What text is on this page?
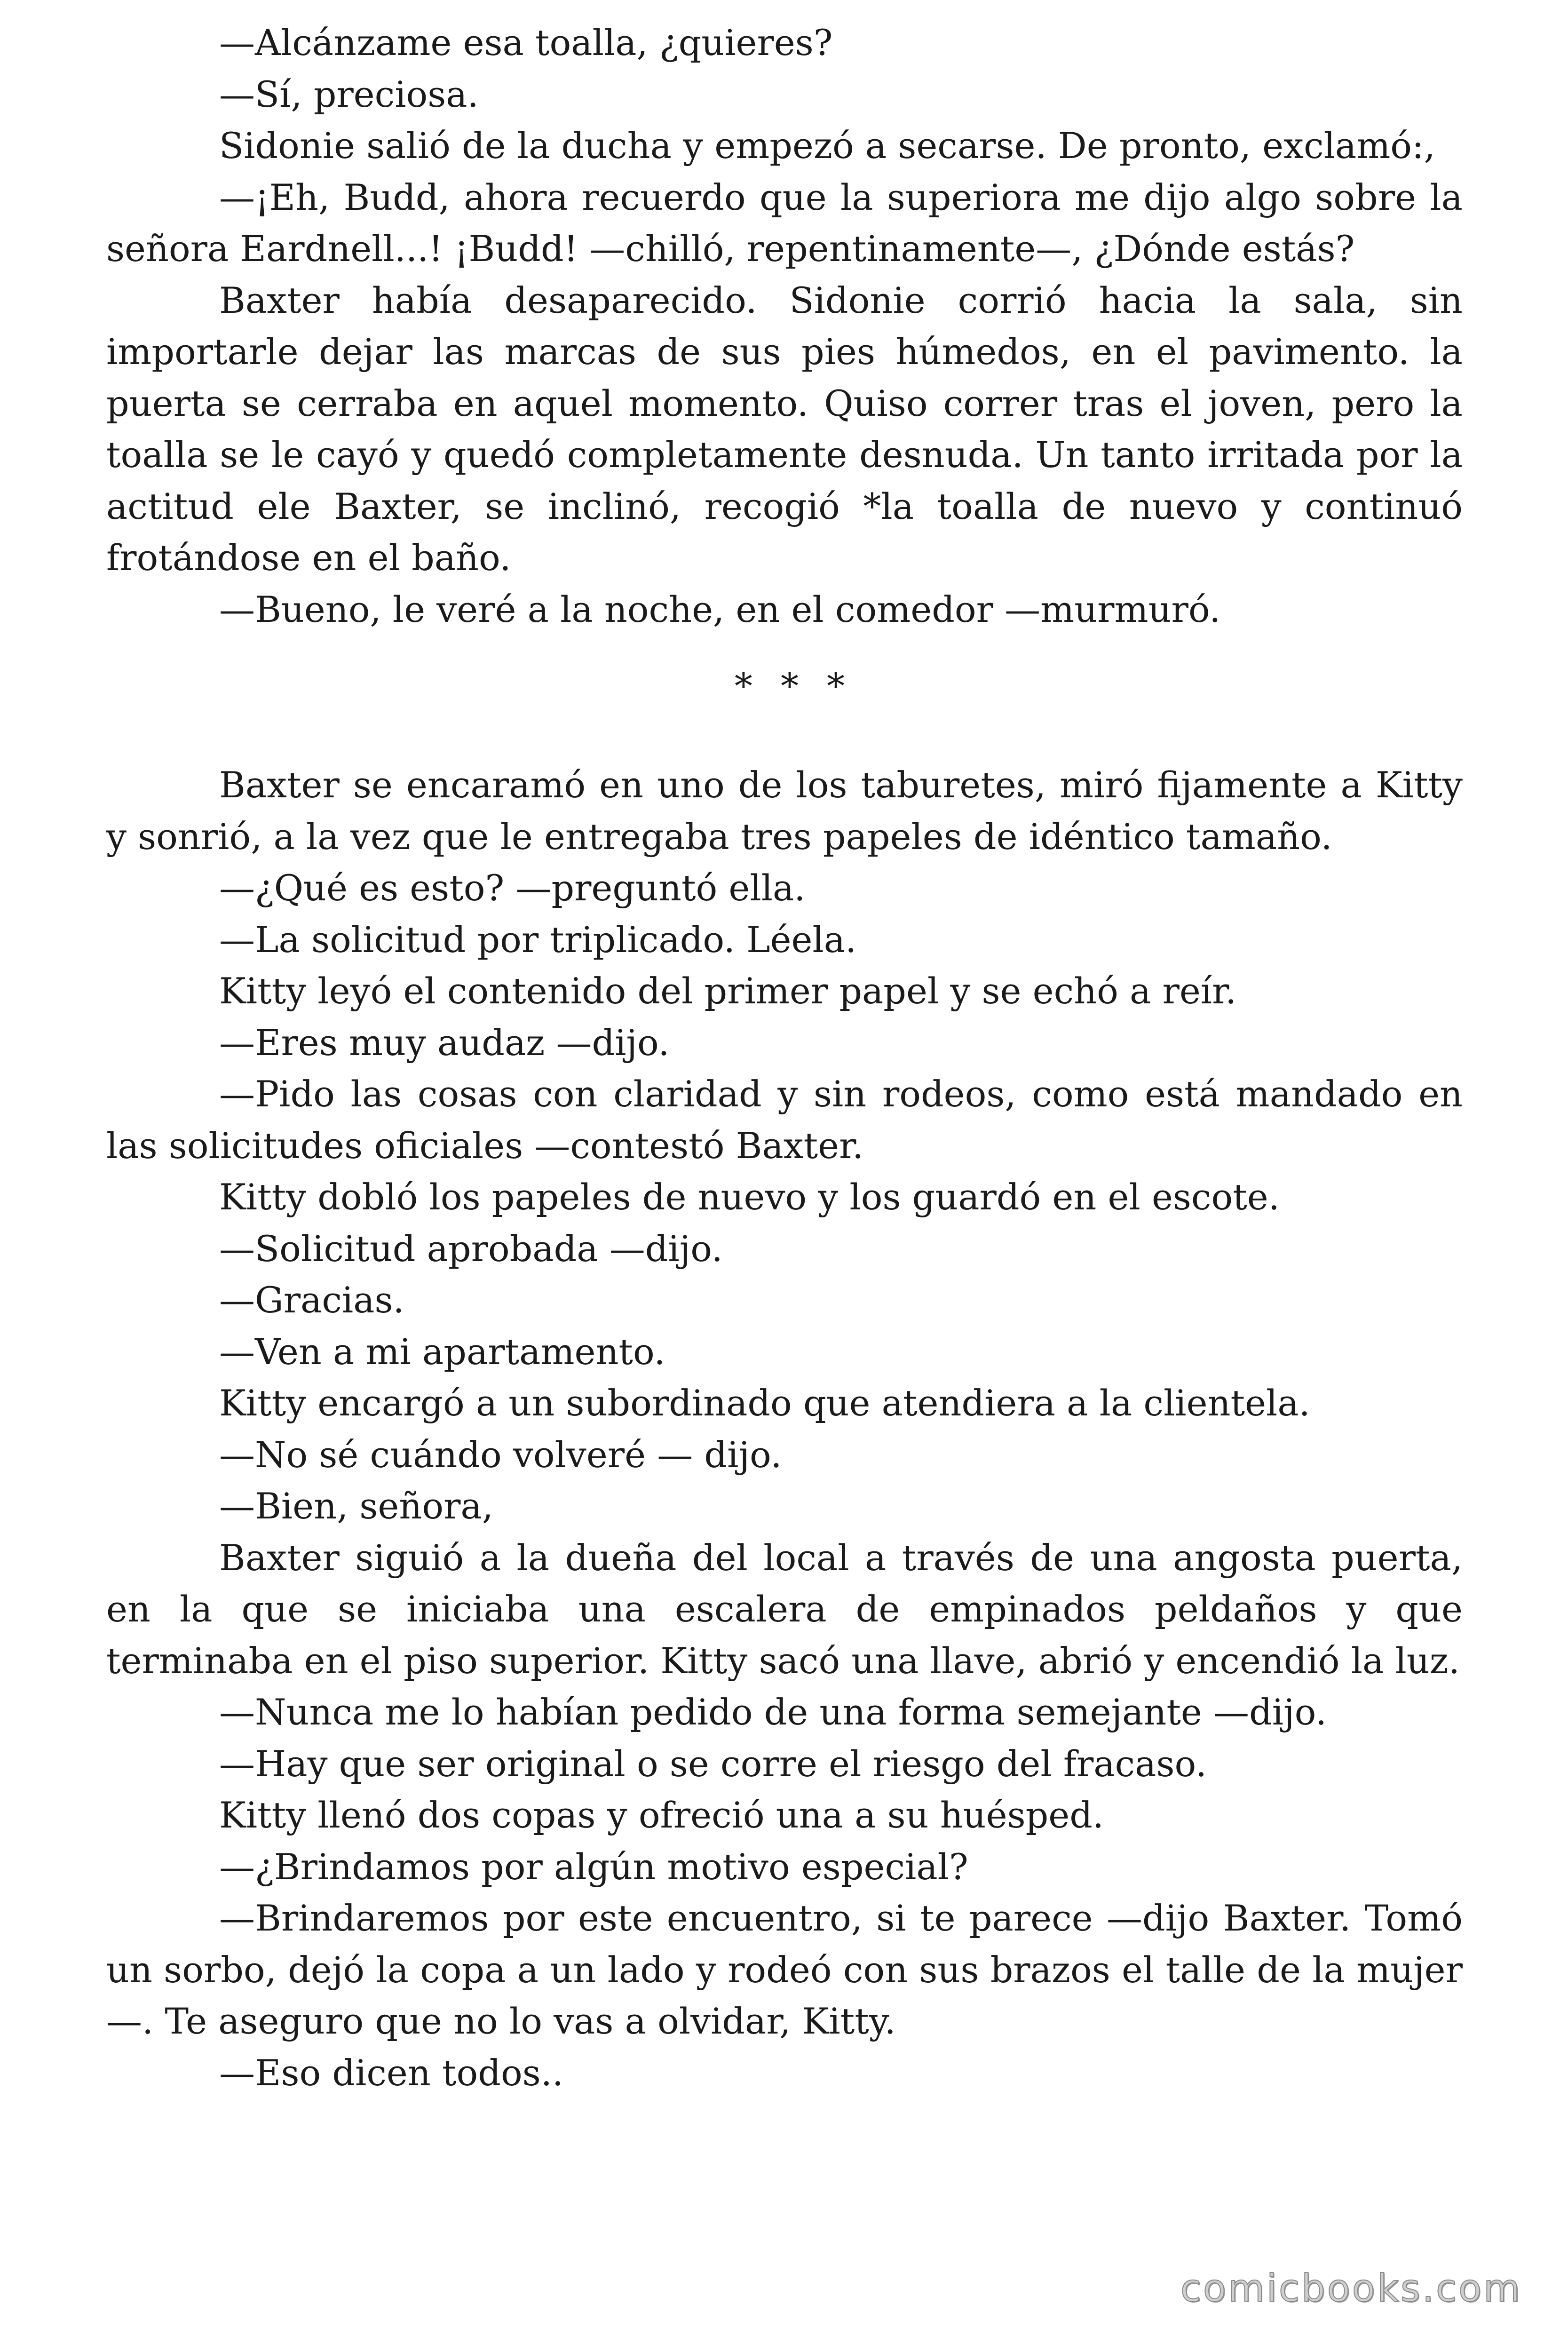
—Alcánzame esa toalla, ¿quieres?

—Sí, preciosa.

Sidonie salió de la ducha y empezó a secarse. De pronto, exclamó:,

—¡Eh, Budd, ahora recuerdo que la superiora me dijo algo sobre la señora Eardnell...! ¡Budd! —chilló, repentinamente—, ¿Dónde estás?

Baxter había desaparecido. Sidonie corrió hacia la sala, sin importarle dejar las marcas de sus pies húmedos, en el pavimento. la puerta se cerraba en aquel momento. Quiso correr tras el joven, pero la toalla se le cayó y quedó completamente desnuda. Un tanto irritada por la actitud ele Baxter, se inclinó, recogió *la toalla de nuevo y continuó frotándose en el baño.

—Bueno, le veré a la noche, en el comedor —murmuró.

* * *

Baxter se encaramó en uno de los taburetes, miró fijamente a Kitty y sonrió, a la vez que le entregaba tres papeles de idéntico tamaño.

—¿Qué es esto? —preguntó ella.

—La solicitud por triplicado. Léela.

Kitty leyó el contenido del primer papel y se echó a reír.

—Eres muy audaz —dijo.

—Pido las cosas con claridad y sin rodeos, como está mandado en las solicitudes oficiales —contestó Baxter.

Kitty dobló los papeles de nuevo y los guardó en el escote.

—Solicitud aprobada —dijo.

—Gracias.

—Ven a mi apartamento.

Kitty encargó a un subordinado que atendiera a la clientela.

—No sé cuándo volveré — dijo.

—Bien, señora,

Baxter siguió a la dueña del local a través de una angosta puerta, en la que se iniciaba una escalera de empinados peldaños y que terminaba en el piso superior. Kitty sacó una llave, abrió y encendió la luz.

—Nunca me lo habían pedido de una forma semejante —dijo.

—Hay que ser original o se corre el riesgo del fracaso.

Kitty llenó dos copas y ofreció una a su huésped.

—¿Brindamos por algún motivo especial?

—Brindaremos por este encuentro, si te parece —dijo Baxter. Tomó un sorbo, dejó la copa a un lado y rodeó con sus brazos el talle de la mujer—. Te aseguro que no lo vas a olvidar, Kitty.

—Eso dicen todos..

comicbooks.com
